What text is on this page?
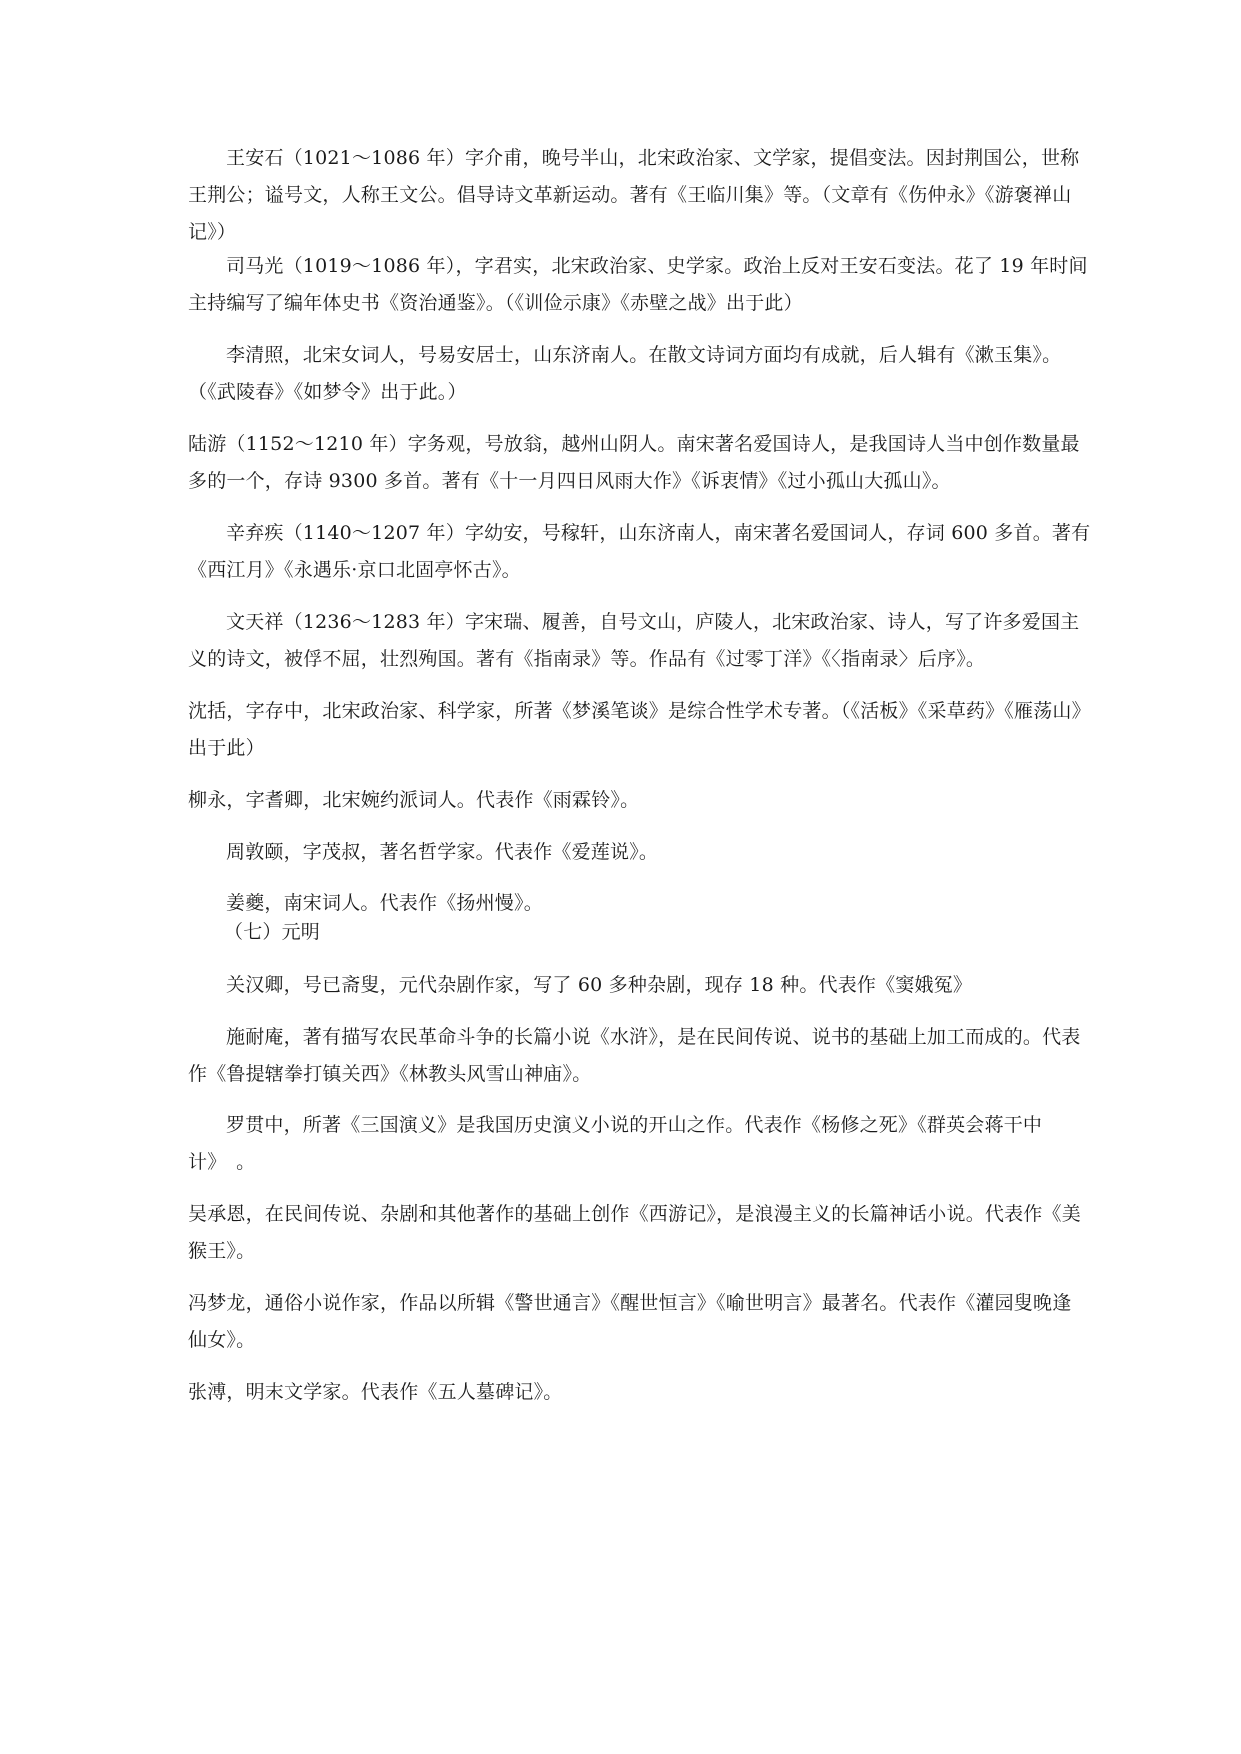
王安石（1021～1086 年）字介甫，晚号半山，北宋政治家、文学家，提倡变法。因封荆国公，世称
王荆公；谥号文，人称王文公。倡导诗文革新运动。著有《王临川集》等。（文章有《伤仲永》《游褒禅山
记》）

司马光（1019～1086 年），字君实，北宋政治家、史学家。政治上反对王安石变法。花了 19 年时间
主持编写了编年体史书《资治通鉴》。（《训俭示康》《赤壁之战》出于此）

李清照，北宋女词人，号易安居士，山东济南人。在散文诗词方面均有成就，后人辑有《漱玉集》。
（《武陵春》《如梦令》出于此。）

陆游（1152～1210 年）字务观，号放翁，越州山阴人。南宋著名爱国诗人，是我国诗人当中创作数量最
多的一个，存诗 9300 多首。著有《十一月四日风雨大作》《诉衷情》《过小孤山大孤山》。

辛弃疾（1140～1207 年）字幼安，号稼轩，山东济南人，南宋著名爱国词人，存词 600 多首。著有
《西江月》《永遇乐·京口北固亭怀古》。

文天祥（1236～1283 年）字宋瑞、履善，自号文山，庐陵人，北宋政治家、诗人，写了许多爱国主
义的诗文，被俘不屈，壮烈殉国。著有《指南录》等。作品有《过零丁洋》《〈指南录〉后序》。

沈括，字存中，北宋政治家、科学家，所著《梦溪笔谈》是综合性学术专著。（《活板》《采草药》《雁荡山》
出于此）

柳永，字耆卿，北宋婉约派词人。代表作《雨霖铃》。

周敦颐，字茂叔，著名哲学家。代表作《爱莲说》。

姜夔，南宋词人。代表作《扬州慢》。

（七）元明

关汉卿，号已斋叟，元代杂剧作家，写了 60 多种杂剧，现存 18 种。代表作《窦娥冤》

施耐庵，著有描写农民革命斗争的长篇小说《水浒》，是在民间传说、说书的基础上加工而成的。代表
作《鲁提辖拳打镇关西》《林教头风雪山神庙》。

罗贯中，所著《三国演义》是我国历史演义小说的开山之作。代表作《杨修之死》《群英会蒋干中
计》　。

吴承恩，在民间传说、杂剧和其他著作的基础上创作《西游记》，是浪漫主义的长篇神话小说。代表作《美
猴王》。

冯梦龙，通俗小说作家，作品以所辑《警世通言》《醒世恒言》《喻世明言》最著名。代表作《灌园叟晚逢
仙女》。

张溥，明末文学家。代表作《五人墓碑记》。
